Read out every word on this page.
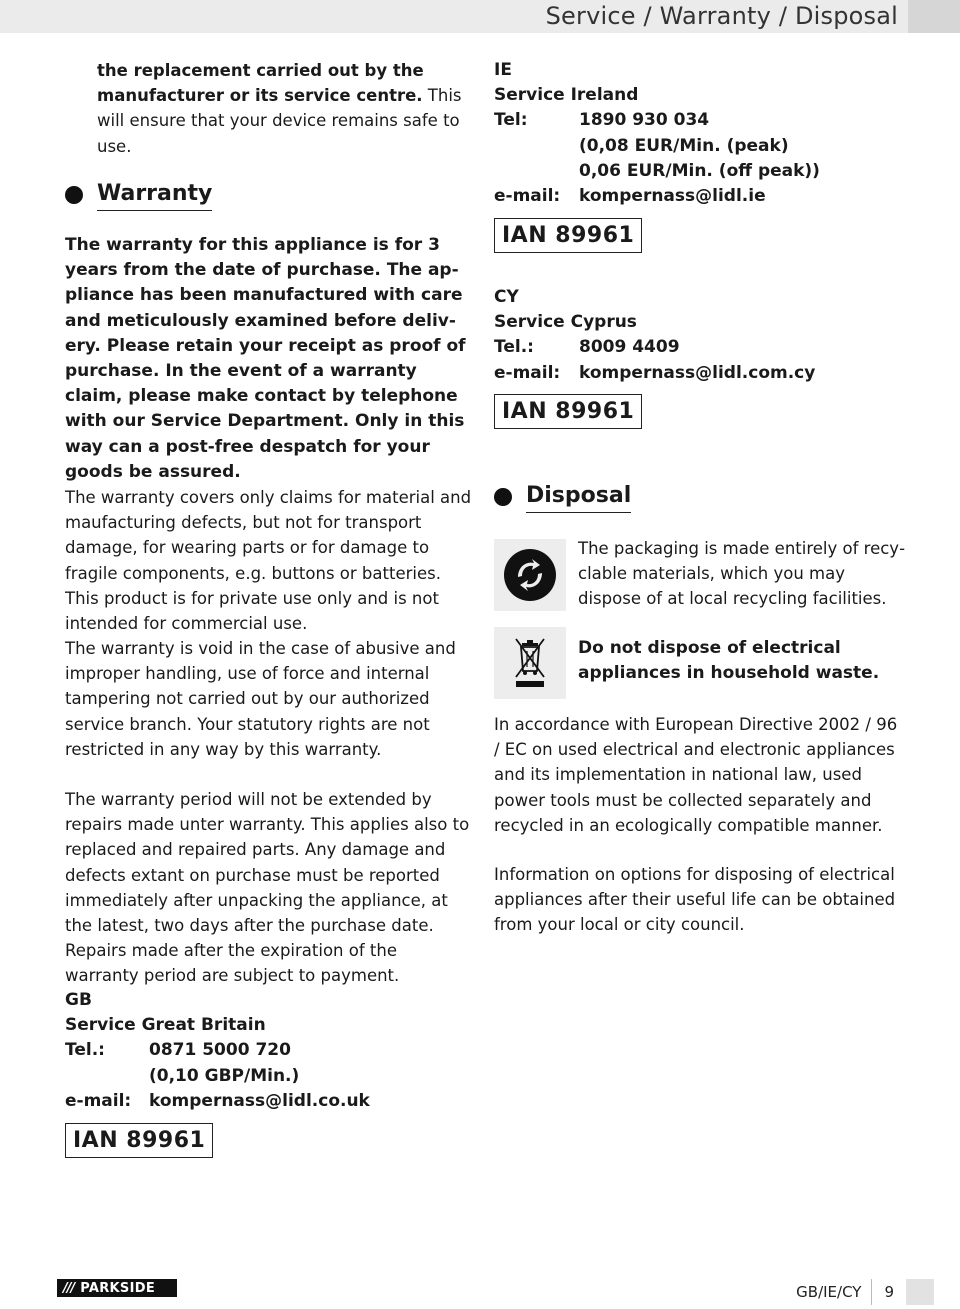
Service / Warranty / Disposal

the replacement carried out by the manufacturer or its service centre. This will ensure that your device remains safe to use.

Warranty
The warranty for this appliance is for 3 years from the date of purchase. The appliance has been manufactured with care and meticulously examined before delivery. Please retain your receipt as proof of purchase. In the event of a warranty claim, please make contact by telephone with our Service Department. Only in this way can a post-free despatch for your goods be assured.
The warranty covers only claims for material and maufacturing defects, but not for transport damage, for wearing parts or for damage to fragile components, e.g. buttons or batteries. This product is for private use only and is not intended for commercial use.
The warranty is void in the case of abusive and improper handling, use of force and internal tampering not carried out by our authorized service branch. Your statutory rights are not restricted in any way by this warranty.
The warranty period will not be extended by repairs made unter warranty. This applies also to replaced and repaired parts. Any damage and defects extant on purchase must be reported immediately after unpacking the appliance, at the latest, two days after the purchase date. Repairs made after the expiration of the warranty period are subject to payment.
GB
Service Great Britain
Tel.:	0871 5000 720
(0,10 GBP/Min.)
e-mail:	kompernass@lidl.co.uk
IAN 89961
IE
Service Ireland
Tel:	1890 930 034
(0,08 EUR/Min. (peak)
0,06 EUR/Min. (off peak))
e-mail:	kompernass@lidl.ie
IAN 89961
CY
Service Cyprus
Tel.:	8009 4409
e-mail:	kompernass@lidl.com.cy
IAN 89961
Disposal
The packaging is made entirely of recyclable materials, which you may dispose of at local recycling facilities.
Do not dispose of electrical appliances in household waste.
In accordance with European Directive 2002 / 96 / EC on used electrical and electronic appliances and its implementation in national law, used power tools must be collected separately and recycled in an ecologically compatible manner.
Information on options for disposing of electrical appliances after their useful life can be obtained from your local or city council.
/// PARKSIDE	GB/IE/CY	9
